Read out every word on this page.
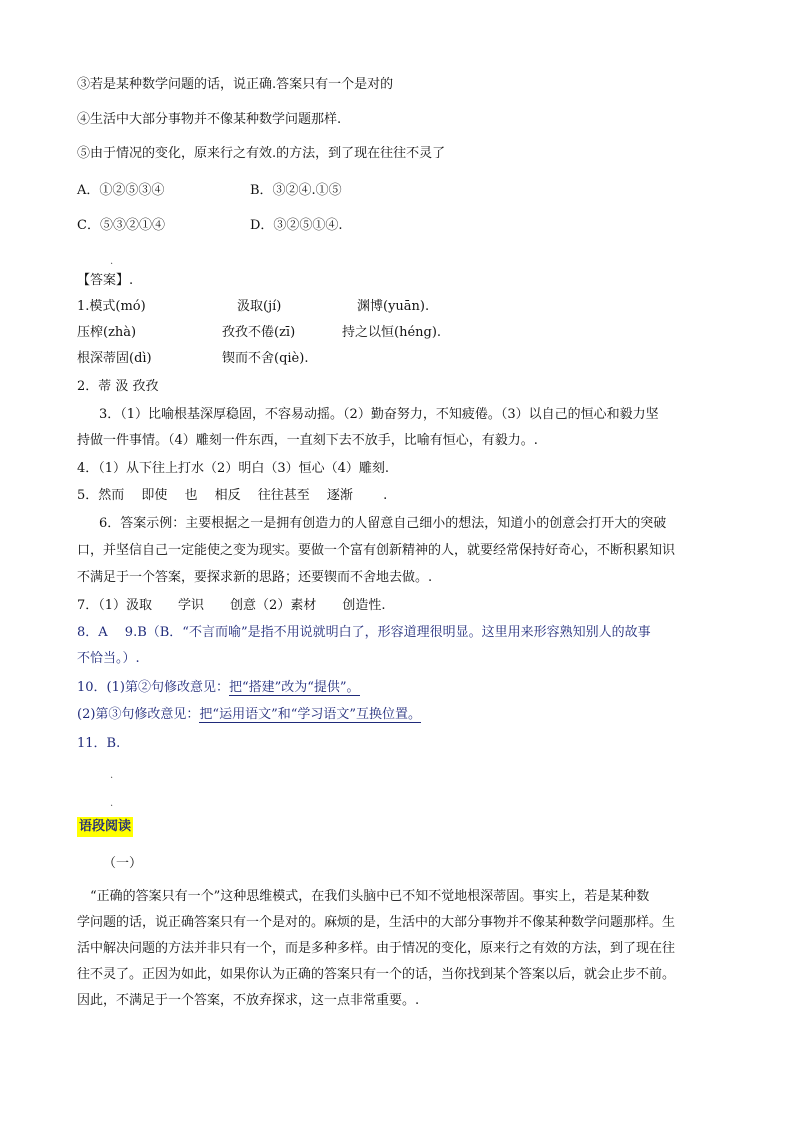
③若是某种数学问题的话，说正确.答案只有一个是对的
④生活中大部分事物并不像某种数学问题那样.
⑤由于情况的变化，原来行之有效.的方法，到了现在往往不灵了
A．①②⑤③④	B．③②④.①⑤
C．⑤③②①④	D．③②⑤①④.
.
【答案】.
1.模式(mó)	汲取(jí)	渊博(yuān).
压榨(zhà)	孜孜不倦(zī)	持之以恒(héng).
根深蒂固(dì)	锲而不舍(qiè).
2．蒂 汲 孜孜
3．（1）比喻根基深厚稳固，不容易动摇。（2）勤奋努力，不知疲倦。（3）以自己的恒心和毅力坚
持做一件事情。（4）雕刻一件东西，一直刻下去不放手，比喻有恒心，有毅力。.
4．（1）从下往上打水（2）明白（3）恒心（4）雕刻.
5．然而　 即使　 也　 相反　 往往甚至　 逐渐　　 .
6．答案示例：主要根据之一是拥有创造力的人留意自己细小的想法，知道小的创意会打开大的突破
口，并坚信自己一定能使之变为现实。要做一个富有创新精神的人，就要经常保持好奇心，不断积累知识
不满足于一个答案，要探求新的思路；还要锲而不舍地去做。.
7．（1）汲取　　学识　　创意（2）素材　　创造性.
8．A　 9.B（B．“不言而喻”是指不用说就明白了，形容道理很明显。这里用来形容熟知别人的故事
不恰当。）.
10．(1)第②句修改意见：把“搭建”改为“提供”。
(2)第③句修改意见：把“运用语文”和“学习语文”互换位置。
11．B.
.
.
语段阅读
（一）
　“正确的答案只有一个”这种思维模式，在我们头脑中已不知不觉地根深蒂固。事实上，若是某种数
学问题的话，说正确答案只有一个是对的。麻烦的是，生活中的大部分事物并不像某种数学问题那样。生
活中解决问题的方法并非只有一个，而是多种多样。由于情况的变化，原来行之有效的方法，到了现在往
往不灵了。正因为如此，如果你认为正确的答案只有一个的话，当你找到某个答案以后，就会止步不前。
因此，不满足于一个答案，不放弃探求，这一点非常重要。.
